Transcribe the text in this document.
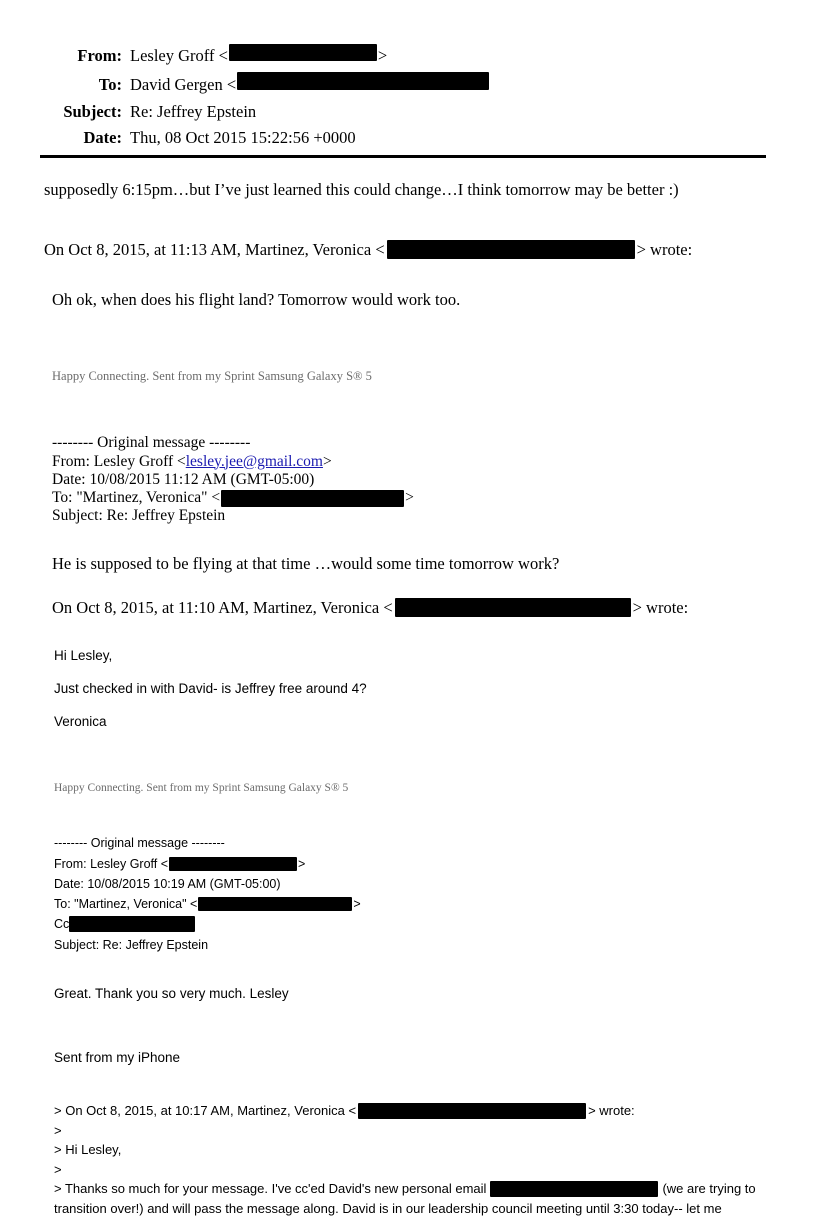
From: Lesley Groff <	>
To: David Gergen <
Subject: Re: Jeffrey Epstein
Date: Thu, 08 Oct 2015 15:22:56 +0000

supposedly 6:15pm…but I’ve just learned this could change…I think tomorrow may be better :)

On Oct 8, 2015, at 11:13 AM, Martinez, Veronica <	> wrote:

Oh ok, when does his flight land? Tomorrow would work too.

Happy Connecting. Sent from my Sprint Samsung Galaxy S® 5

-------- Original message --------
From: Lesley Groff < lesley.jee@gmail.com >
Date: 10/08/2015 11:12 AM (GMT-05:00)
To: "Martinez, Veronica" <	>
Subject: Re: Jeffrey Epstein

He is supposed to be flying at that time …would some time tomorrow work?

On Oct 8, 2015, at 11:10 AM, Martinez, Veronica <	> wrote:
Hi Lesley,
Just checked in with David- is Jeffrey free around 4?
Veronica

Happy Connecting. Sent from my Sprint Samsung Galaxy S® 5

-------- Original message --------
From: Lesley Groff <	>
Date: 10/08/2015 10:19 AM (GMT-05:00)
To: "Martinez, Veronica" <	>
Cc
Subject: Re: Jeffrey Epstein

Great. Thank you so very much. Lesley

Sent from my iPhone

> On Oct 8, 2015, at 10:17 AM, Martinez, Veronica <	> wrote:
>
> Hi Lesley,
>
> Thanks so much for your message. I've cc'ed David's new personal email	(we are trying to
transition over!) and will pass the message along. David is in our leadership council meeting until 3:30 today-- let me
